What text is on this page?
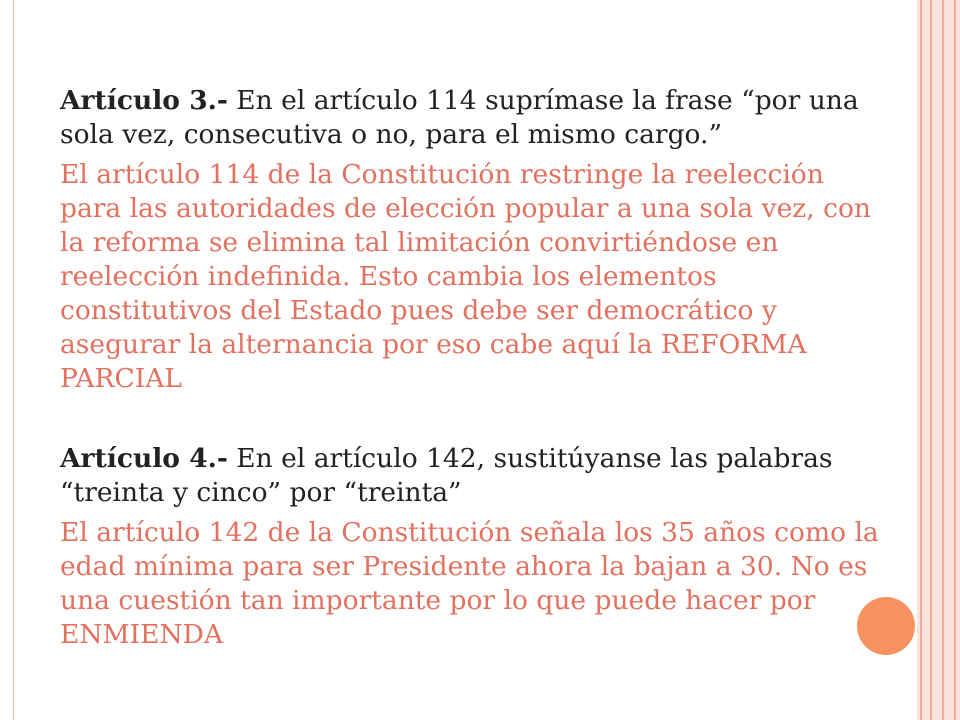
Artículo 3.- En el artículo 114 suprímase la frase “por una sola vez, consecutiva o no, para el mismo cargo.”

El artículo 114 de la Constitución restringe la reelección para las autoridades de elección popular a una sola vez, con la reforma se elimina tal limitación convirtiéndose en reelección indefinida. Esto cambia los elementos constitutivos del Estado pues debe ser democrático y asegurar la alternancia por eso cabe aquí la REFORMA PARCIAL

Artículo 4.- En el artículo 142, sustitúyanse las palabras “treinta y cinco” por “treinta”

El artículo 142 de la Constitución señala los 35 años como la edad mínima para ser Presidente ahora la bajan a 30. No es una cuestión tan importante por lo que puede hacer por ENMIENDA
